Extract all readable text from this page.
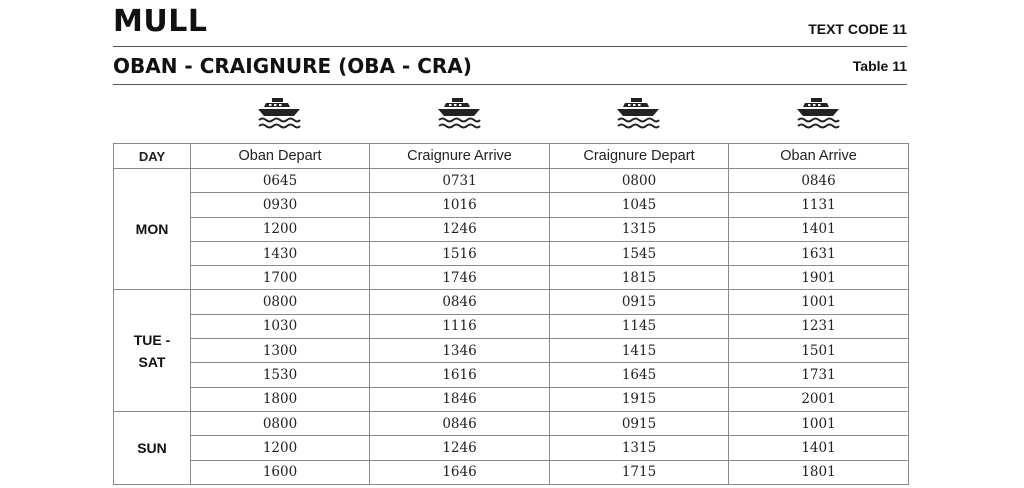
MULL	TEXT CODE 11
OBAN - CRAIGNURE (OBA - CRA)	Table 11
DAY	Oban Depart	Craignure Arrive	Craignure Depart	Oban Arrive

MON	0645	0731	0800	0846
	0930	1016	1045	1131
	1200	1246	1315	1401
	1430	1516	1545	1631
	1700	1746	1815	1901

TUE -
SAT	0800	0846	0915	1001
	1030	1116	1145	1231
	1300	1346	1415	1501
	1530	1616	1645	1731
	1800	1846	1915	2001

SUN	0800	0846	0915	1001
	1200	1246	1315	1401
	1600	1646	1715	1801
